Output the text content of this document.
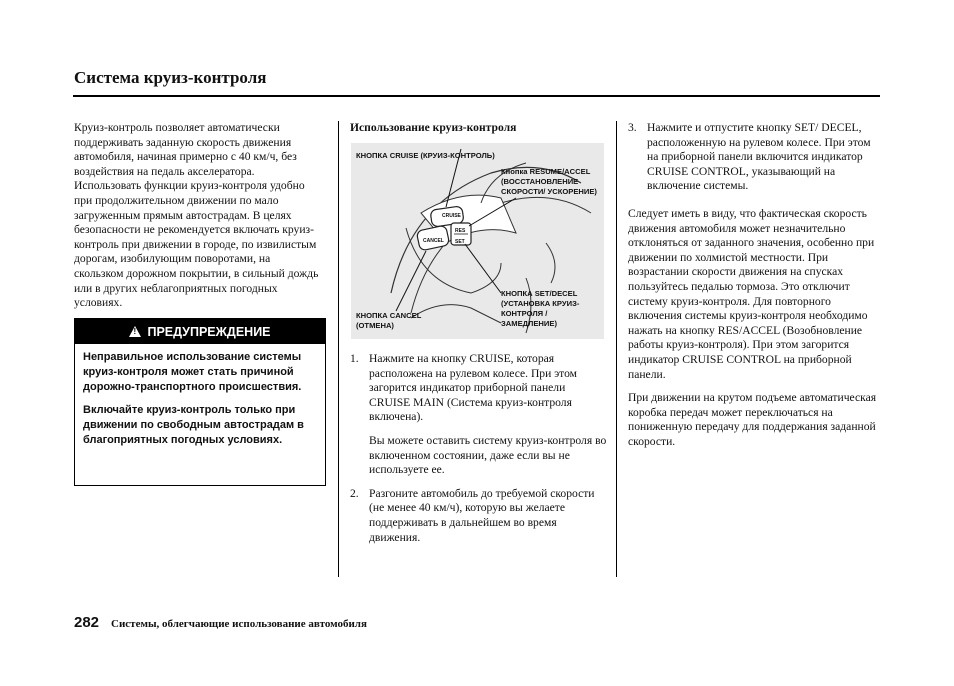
Система круиз-контроля

Круиз-контроль позволяет автоматически поддерживать заданную скорость движения автомобиля, начиная примерно с 40 км/ч, без воздействия на педаль акселератора. Использовать функции круиз-контроля удобно при продолжительном движении по мало загруженным прямым автострадам. В целях безопасности не рекомендуется включать круиз-контроль при движении в городе, по извилистым дорогам, изобилующим поворотами, на скользком дорожном покрытии, в сильный дождь или в других неблагоприятных погодных условиях.

! ПРЕДУПРЕЖДЕНИЕ

Неправильное использование системы круиз-контроля может стать причиной дорожно-транспортного происшествия.

Включайте круиз-контроль только при движении по свободным автострадам в благоприятных погодных условиях.

Использование круиз-контроля
CRUISE
CANCEL
RES
SET
КНОПКА CRUISE (КРУИЗ-КОНТРОЛЬ)
Кнопка RESUME/ACCEL (ВОССТАНОВЛЕНИЕ СКОРОСТИ/ УСКОРЕНИЕ)
КНОПКА CANCEL (ОТМЕНА)
КНОПКА SET/DECEL (УСТАНОВКА КРУИЗ-КОНТРОЛЯ /ЗАМЕДЛЕНИЕ)
1. Нажмите на кнопку CRUISE, которая расположена на рулевом колесе. При этом загорится индикатор приборной панели CRUISE MAIN (Система круиз-контроля включена).
Вы можете оставить систему круиз-контроля во включенном состоянии, даже если вы не используете ее.
2. Разгоните автомобиль до требуемой скорости (не менее 40 км/ч), которую вы желаете поддерживать в дальнейшем во время движения.
3. Нажмите и отпустите кнопку SET/ DECEL, расположенную на рулевом колесе. При этом на приборной панели включится индикатор CRUISE CONTROL, указывающий на включение системы.

Следует иметь в виду, что фактическая скорость движения автомобиля может незначительно отклоняться от заданного значения, особенно при движении по холмистой местности. При возрастании скорости движения на спусках пользуйтесь педалью тормоза. Это отключит систему круиз-контроля. Для повторного включения системы круиз-контроля необходимо нажать на кнопку RES/ACCEL (Возобновление работы круиз-контроля). При этом загорится индикатор CRUISE CONTROL на приборной панели.

При движении на крутом подъеме автоматическая коробка передач может переключаться на пониженную передачу для поддержания заданной скорости.

282 Системы, облегчающие использование автомобиля
